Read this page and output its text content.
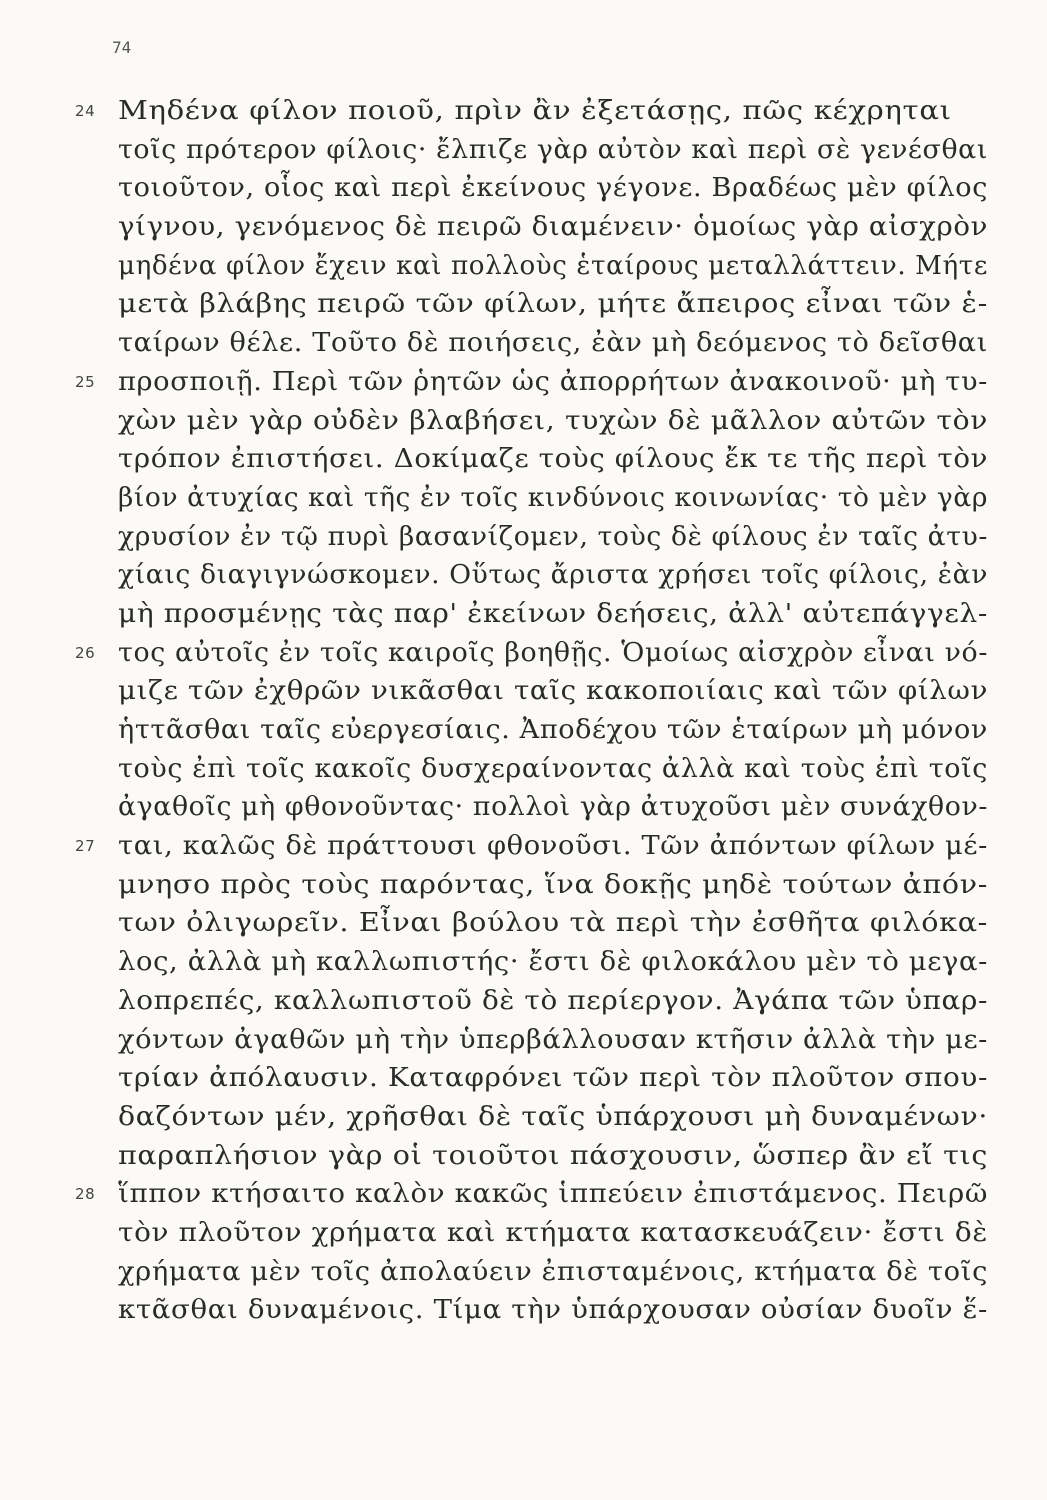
74
24 Μηδένα φίλον ποιοῦ, πρὶν ἂν ἐξετάσῃς, πῶς κέχρηται
τοῖς πρότερον φίλοις· ἔλπιζε γὰρ αὐτὸν καὶ περὶ σὲ γενέσθαι
τοιοῦτον, οἷος καὶ περὶ ἐκείνους γέγονε. Βραδέως μὲν φίλος
γίγνου, γενόμενος δὲ πειρῶ διαμένειν· ὁμοίως γὰρ αἰσχρὸν
μηδένα φίλον ἔχειν καὶ πολλοὺς ἑταίρους μεταλλάττειν. Μήτε
μετὰ βλάβης πειρῶ τῶν φίλων, μήτε ἄπειρος εἶναι τῶν ἑ-
ταίρων θέλε. Τοῦτο δὲ ποιήσεις, ἐὰν μὴ δεόμενος τὸ δεῖσθαι
25 προσποιῇ. Περὶ τῶν ῥητῶν ὡς ἀπορρήτων ἀνακοινοῦ· μὴ τυ-
χὼν μὲν γὰρ οὐδὲν βλαβήσει, τυχὼν δὲ μᾶλλον αὐτῶν τὸν
τρόπον ἐπιστήσει. Δοκίμαζε τοὺς φίλους ἔκ τε τῆς περὶ τὸν
βίον ἀτυχίας καὶ τῆς ἐν τοῖς κινδύνοις κοινωνίας· τὸ μὲν γὰρ
χρυσίον ἐν τῷ πυρὶ βασανίζομεν, τοὺς δὲ φίλους ἐν ταῖς ἀτυ-
χίαις διαγιγνώσκομεν. Οὕτως ἄριστα χρήσει τοῖς φίλοις, ἐὰν
μὴ προσμένῃς τὰς παρ' ἐκείνων δεήσεις, ἀλλ' αὐτεπάγγελ-
26 τος αὐτοῖς ἐν τοῖς καιροῖς βοηθῇς. Ὁμοίως αἰσχρὸν εἶναι νό-
μιζε τῶν ἐχθρῶν νικᾶσθαι ταῖς κακοποιίαις καὶ τῶν φίλων
ἡττᾶσθαι ταῖς εὐεργεσίαις. Ἀποδέχου τῶν ἑταίρων μὴ μόνον
τοὺς ἐπὶ τοῖς κακοῖς δυσχεραίνοντας ἀλλὰ καὶ τοὺς ἐπὶ τοῖς
ἀγαθοῖς μὴ φθονοῦντας· πολλοὶ γὰρ ἀτυχοῦσι μὲν συνάχθον-
27 ται, καλῶς δὲ πράττουσι φθονοῦσι. Τῶν ἀπόντων φίλων μέ-
μνησο πρὸς τοὺς παρόντας, ἵνα δοκῇς μηδὲ τούτων ἀπόν-
των ὀλιγωρεῖν. Εἶναι βούλου τὰ περὶ τὴν ἐσθῆτα φιλόκα-
λος, ἀλλὰ μὴ καλλωπιστής· ἔστι δὲ φιλοκάλου μὲν τὸ μεγα-
λοπρεπές, καλλωπιστοῦ δὲ τὸ περίεργον. Ἀγάπα τῶν ὑπαρ-
χόντων ἀγαθῶν μὴ τὴν ὑπερβάλλουσαν κτῆσιν ἀλλὰ τὴν με-
τρίαν ἀπόλαυσιν. Καταφρόνει τῶν περὶ τὸν πλοῦτον σπου-
δαζόντων μέν, χρῆσθαι δὲ ταῖς ὑπάρχουσι μὴ δυναμένων·
παραπλήσιον γὰρ οἱ τοιοῦτοι πάσχουσιν, ὥσπερ ἂν εἴ τις
28 ἵππον κτήσαιτο καλὸν κακῶς ἱππεύειν ἐπιστάμενος. Πειρῶ
τὸν πλοῦτον χρήματα καὶ κτήματα κατασκευάζειν· ἔστι δὲ
χρήματα μὲν τοῖς ἀπολαύειν ἐπισταμένοις, κτήματα δὲ τοῖς
κτᾶσθαι δυναμένοις. Τίμα τὴν ὑπάρχουσαν οὐσίαν δυοῖν ἕ-
